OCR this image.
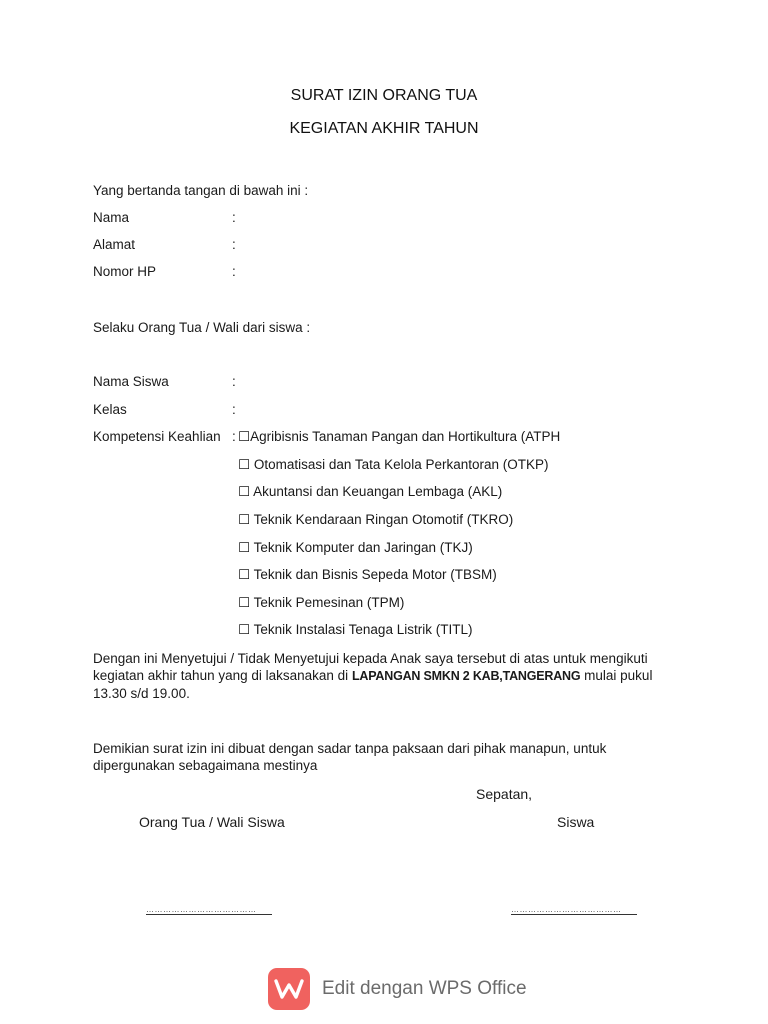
SURAT IZIN ORANG TUA
KEGIATAN AKHIR TAHUN
Yang bertanda tangan di bawah ini :
Nama	:
Alamat	:
Nomor HP	:
Selaku Orang Tua / Wali dari siswa :
Nama Siswa	:
Kelas	:
Kompetensi Keahlian : ☐Agribisnis Tanaman Pangan dan Hortikultura (ATPH
☐ Otomatisasi dan Tata Kelola Perkantoran (OTKP)
☐ Akuntansi dan Keuangan Lembaga (AKL)
☐ Teknik Kendaraan Ringan Otomotif (TKRO)
☐ Teknik Komputer dan Jaringan (TKJ)
☐ Teknik dan Bisnis Sepeda Motor (TBSM)
☐ Teknik Pemesinan (TPM)
☐ Teknik Instalasi Tenaga Listrik (TITL)
Dengan ini Menyetujui / Tidak Menyetujui kepada Anak saya tersebut di atas untuk mengikuti
kegiatan akhir tahun yang di laksanakan di LAPANGAN SMKN 2 KAB,TANGERANG mulai pukul
13.30 s/d 19.00.
Demikian surat izin ini dibuat dengan sadar tanpa paksaan dari pihak manapun, untuk
dipergunakan sebagaimana mestinya
Sepatan,
Orang Tua / Wali Siswa	Siswa
…………………………………	…………………………………
Edit dengan WPS Office
